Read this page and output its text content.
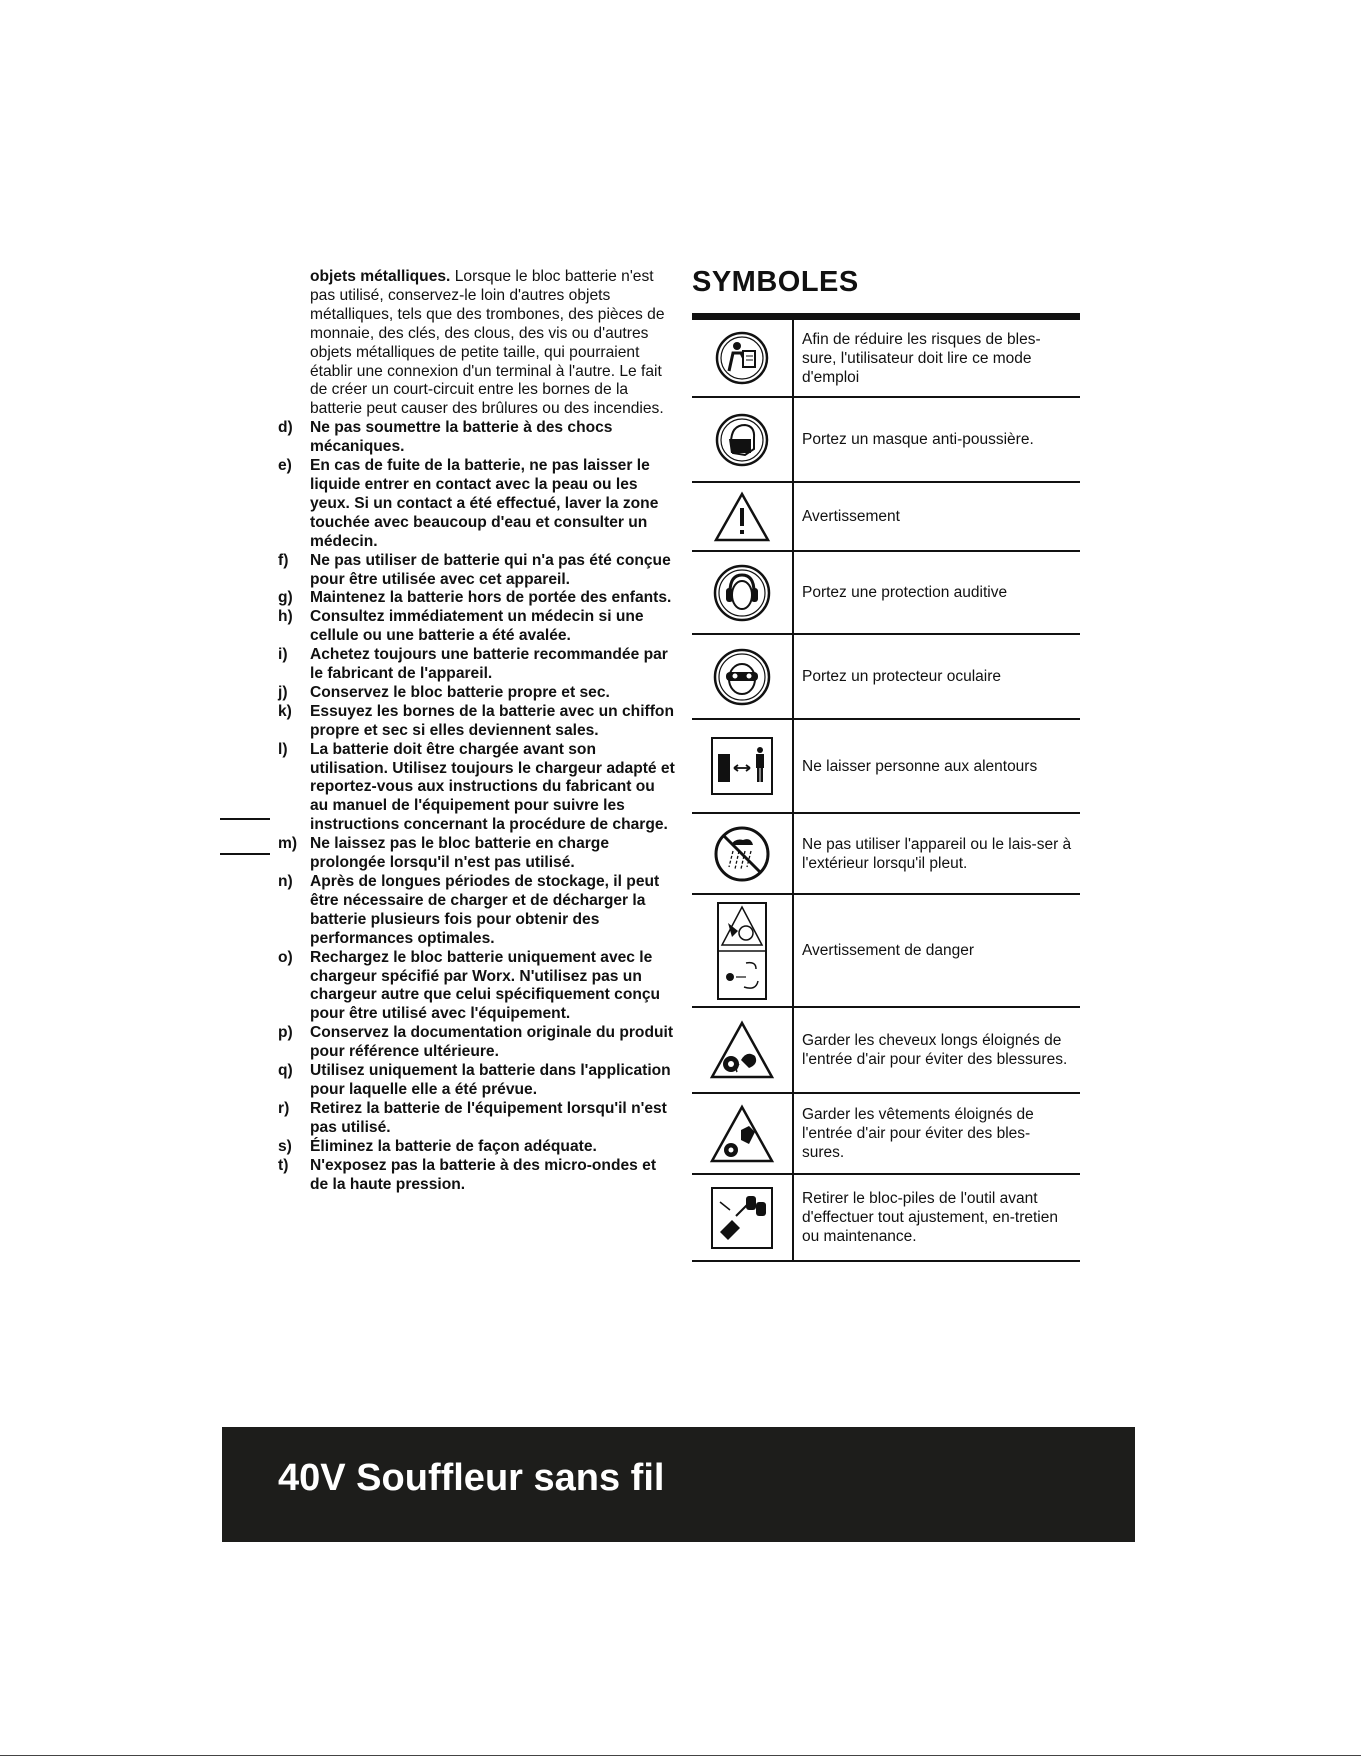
objets métalliques. Lorsque le bloc batterie n'est pas utilisé, conservez-le loin d'autres objets métalliques, tels que des trombones, des pièces de monnaie, des clés, des clous, des vis ou d'autres objets métalliques de petite taille, qui pourraient établir une connexion d'un terminal à l'autre. Le fait de créer un court-circuit entre les bornes de la batterie peut causer des brûlures ou des incendies.
d) Ne pas soumettre la batterie à des chocs mécaniques.
e) En cas de fuite de la batterie, ne pas laisser le liquide entrer en contact avec la peau ou les yeux. Si un contact a été effectué, laver la zone touchée avec beaucoup d'eau et consulter un médecin.
f) Ne pas utiliser de batterie qui n'a pas été conçue pour être utilisée avec cet appareil.
g) Maintenez la batterie hors de portée des enfants.
h) Consultez immédiatement un médecin si une cellule ou une batterie a été avalée.
i) Achetez toujours une batterie recommandée par le fabricant de l'appareil.
j) Conservez le bloc batterie propre et sec.
k) Essuyez les bornes de la batterie avec un chiffon propre et sec si elles deviennent sales.
l) La batterie doit être chargée avant son utilisation. Utilisez toujours le chargeur adapté et reportez-vous aux instructions du fabricant ou au manuel de l'équipement pour suivre les instructions concernant la procédure de charge.
m) Ne laissez pas le bloc batterie en charge prolongée lorsqu'il n'est pas utilisé.
n) Après de longues périodes de stockage, il peut être nécessaire de charger et de décharger la batterie plusieurs fois pour obtenir des performances optimales.
o) Rechargez le bloc batterie uniquement avec le chargeur spécifié par Worx. N'utilisez pas un chargeur autre que celui spécifiquement conçu pour être utilisé avec l'équipement.
p) Conservez la documentation originale du produit pour référence ultérieure.
q) Utilisez uniquement la batterie dans l'application pour laquelle elle a été prévue.
r) Retirez la batterie de l'équipement lorsqu'il n'est pas utilisé.
s) Éliminez la batterie de façon adéquate.
t) N'exposez pas la batterie à des micro-ondes et de la haute pression.
SYMBOLES
Afin de réduire les risques de bles-sure, l'utilisateur doit lire ce mode d'emploi
Portez un masque anti-poussière.
Avertissement
Portez une protection auditive
Portez un protecteur oculaire
Ne laisser personne aux alentours
Ne pas utiliser l'appareil ou le lais-ser à l'extérieur lorsqu'il pleut.
Avertissement de danger
Garder les cheveux longs éloignés de l'entrée d'air pour éviter des blessures.
Garder les vêtements éloignés de l'entrée d'air pour éviter des bles-sures.
Retirer le bloc-piles de l'outil avant d'effectuer tout ajustement, en-tretien ou maintenance.
40V Souffleur sans fil
